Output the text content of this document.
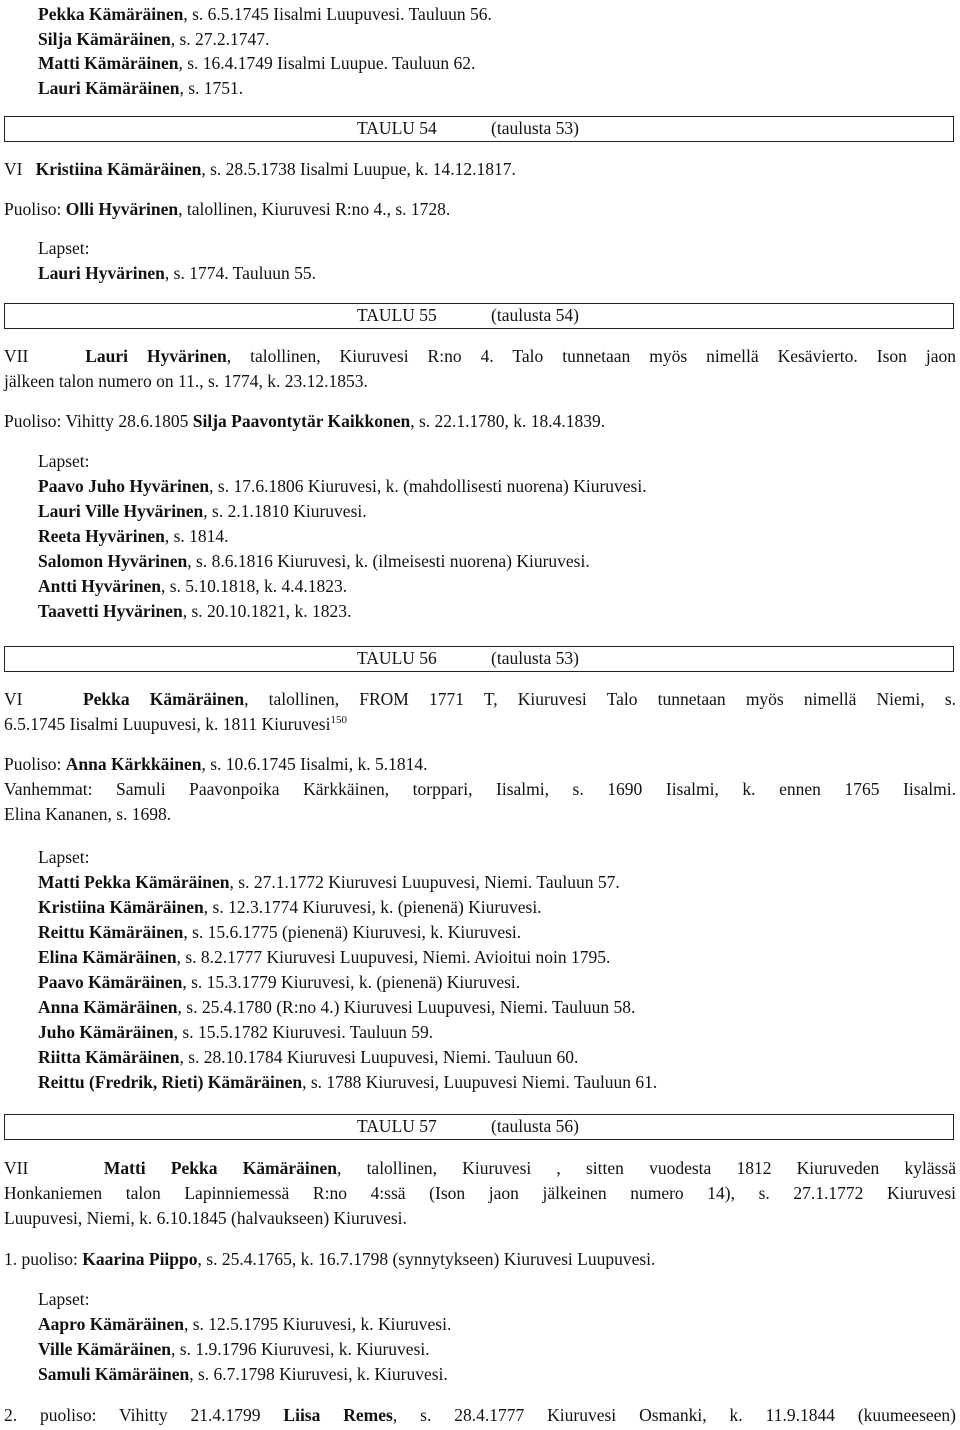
Pekka Kämäräinen, s. 6.5.1745 Iisalmi Luupuvesi. Tauluun 56.
Silja Kämäräinen, s. 27.2.1747.
Matti Kämäräinen, s. 16.4.1749 Iisalmi Luupue. Tauluun 62.
Lauri Kämäräinen, s. 1751.
TAULU 54	(taulusta 53)
VI Kristiina Kämäräinen, s. 28.5.1738 Iisalmi Luupue, k. 14.12.1817.
Puoliso: Olli Hyvärinen, talollinen, Kiuruvesi R:no 4., s. 1728.
Lapset:
Lauri Hyvärinen, s. 1774. Tauluun 55.
TAULU 55	(taulusta 54)
VII	Lauri Hyvärinen, talollinen, Kiuruvesi R:no 4. Talo tunnetaan myös nimellä Kesävierto. Ison jaon
jälkeen talon numero on 11., s. 1774, k. 23.12.1853.
Puoliso: Vihitty 28.6.1805 Silja Paavontytär Kaikkonen, s. 22.1.1780, k. 18.4.1839.
Lapset:
Paavo Juho Hyvärinen, s. 17.6.1806 Kiuruvesi, k. (mahdollisesti nuorena) Kiuruvesi.
Lauri Ville Hyvärinen, s. 2.1.1810 Kiuruvesi.
Reeta Hyvärinen, s. 1814.
Salomon Hyvärinen, s. 8.6.1816 Kiuruvesi, k. (ilmeisesti nuorena) Kiuruvesi.
Antti Hyvärinen, s. 5.10.1818, k. 4.4.1823.
Taavetti Hyvärinen, s. 20.10.1821, k. 1823.
TAULU 56	(taulusta 53)
VI	Pekka Kämäräinen, talollinen, FROM 1771 T, Kiuruvesi Talo tunnetaan myös nimellä Niemi, s.
6.5.1745 Iisalmi Luupuvesi, k. 1811 Kiuruvesi$^{150}$
Puoliso: Anna Kärkkäinen, s. 10.6.1745 Iisalmi, k. 5.1814.
Vanhemmat: Samuli Paavonpoika Kärkkäinen, torppari, Iisalmi, s. 1690 Iisalmi, k. ennen 1765 Iisalmi.
Elina Kananen, s. 1698.
Lapset:
Matti Pekka Kämäräinen, s. 27.1.1772 Kiuruvesi Luupuvesi, Niemi. Tauluun 57.
Kristiina Kämäräinen, s. 12.3.1774 Kiuruvesi, k. (pienenä) Kiuruvesi.
Reittu Kämäräinen, s. 15.6.1775 (pienenä) Kiuruvesi, k. Kiuruvesi.
Elina Kämäräinen, s. 8.2.1777 Kiuruvesi Luupuvesi, Niemi. Avioitui noin 1795.
Paavo Kämäräinen, s. 15.3.1779 Kiuruvesi, k. (pienenä) Kiuruvesi.
Anna Kämäräinen, s. 25.4.1780 (R:no 4.) Kiuruvesi Luupuvesi, Niemi. Tauluun 58.
Juho Kämäräinen, s. 15.5.1782 Kiuruvesi. Tauluun 59.
Riitta Kämäräinen, s. 28.10.1784 Kiuruvesi Luupuvesi, Niemi. Tauluun 60.
Reittu (Fredrik, Rieti) Kämäräinen, s. 1788 Kiuruvesi, Luupuvesi Niemi. Tauluun 61.
TAULU 57	(taulusta 56)
VII	Matti Pekka Kämäräinen, talollinen, Kiuruvesi , sitten vuodesta 1812 Kiuruveden kylässä
Honkaniemen talon Lapinniemessä R:no 4:ssä (Ison jaon jälkeinen numero 14), s. 27.1.1772 Kiuruvesi
Luupuvesi, Niemi, k. 6.10.1845 (halvaukseen) Kiuruvesi.
1. puoliso: Kaarina Piippo, s. 25.4.1765, k. 16.7.1798 (synnytykseen) Kiuruvesi Luupuvesi.
Lapset:
Aapro Kämäräinen, s. 12.5.1795 Kiuruvesi, k. Kiuruvesi.
Ville Kämäräinen, s. 1.9.1796 Kiuruvesi, k. Kiuruvesi.
Samuli Kämäräinen, s. 6.7.1798 Kiuruvesi, k. Kiuruvesi.
2. puoliso: Vihitty 21.4.1799 Liisa Remes, s. 28.4.1777 Kiuruvesi Osmanki, k. 11.9.1844 (kuumeeseen)
